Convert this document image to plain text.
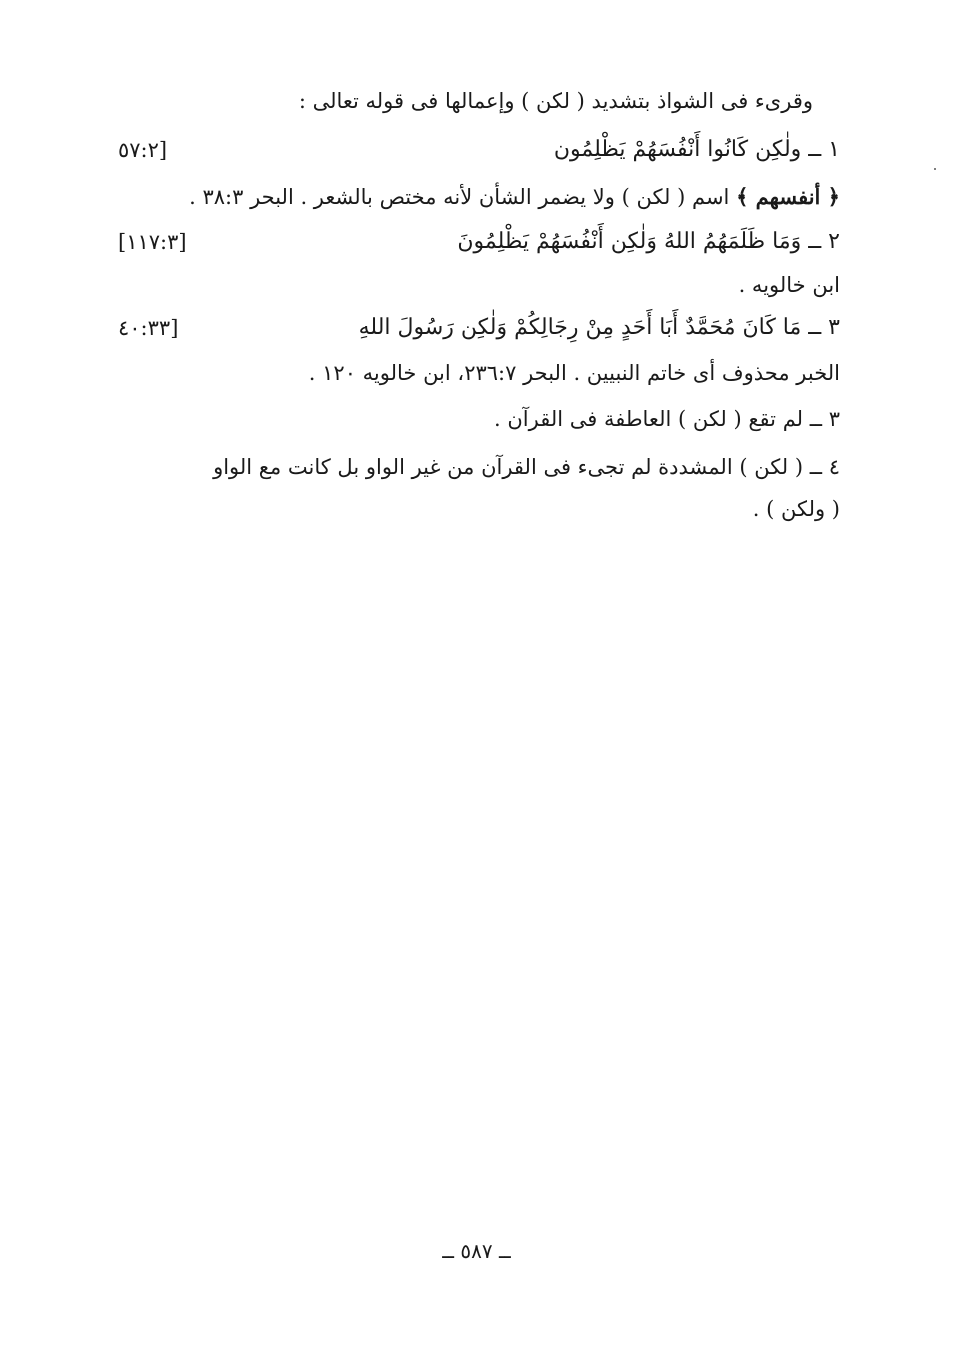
وقرىء فى الشواذ بتشديد ( لكن ) وإعمالها فى قوله تعالى :
١ ــ ولٰكِن كَانُوا أَنْفُسَهُمْ يَظْلِمُون
[٥٧:٢
﴿ أنفسهم ﴾ اسم ( لكن ) ولا يضمر الشأن لأنه مختص بالشعر . البحر ٣٨:٣ .
٢ ــ وَمَا ظَلَمَهُمُ اللهُ وَلٰكِن أَنْفُسَهُمْ يَظْلِمُونَ
[١١٧:٣]
ابن خالويه .
٣ ــ مَا كَانَ مُحَمَّدٌ أَبَا أَحَدٍ مِنْ رِجَالِكُمْ وَلٰكِن رَسُولَ اللهِ
[٤٠:٣٣
الخبر محذوف أى خاتم النبيين . البحر ٢٣٦:٧، ابن خالويه ١٢٠ .
٣ ــ لم تقع ( لكن ) العاطفة فى القرآن .
٤ ــ ( لكن ) المشددة لم تجىء فى القرآن من غير الواو بل كانت مع الواو
( ولكن ) .
ــ ٥٨٧ ــ
